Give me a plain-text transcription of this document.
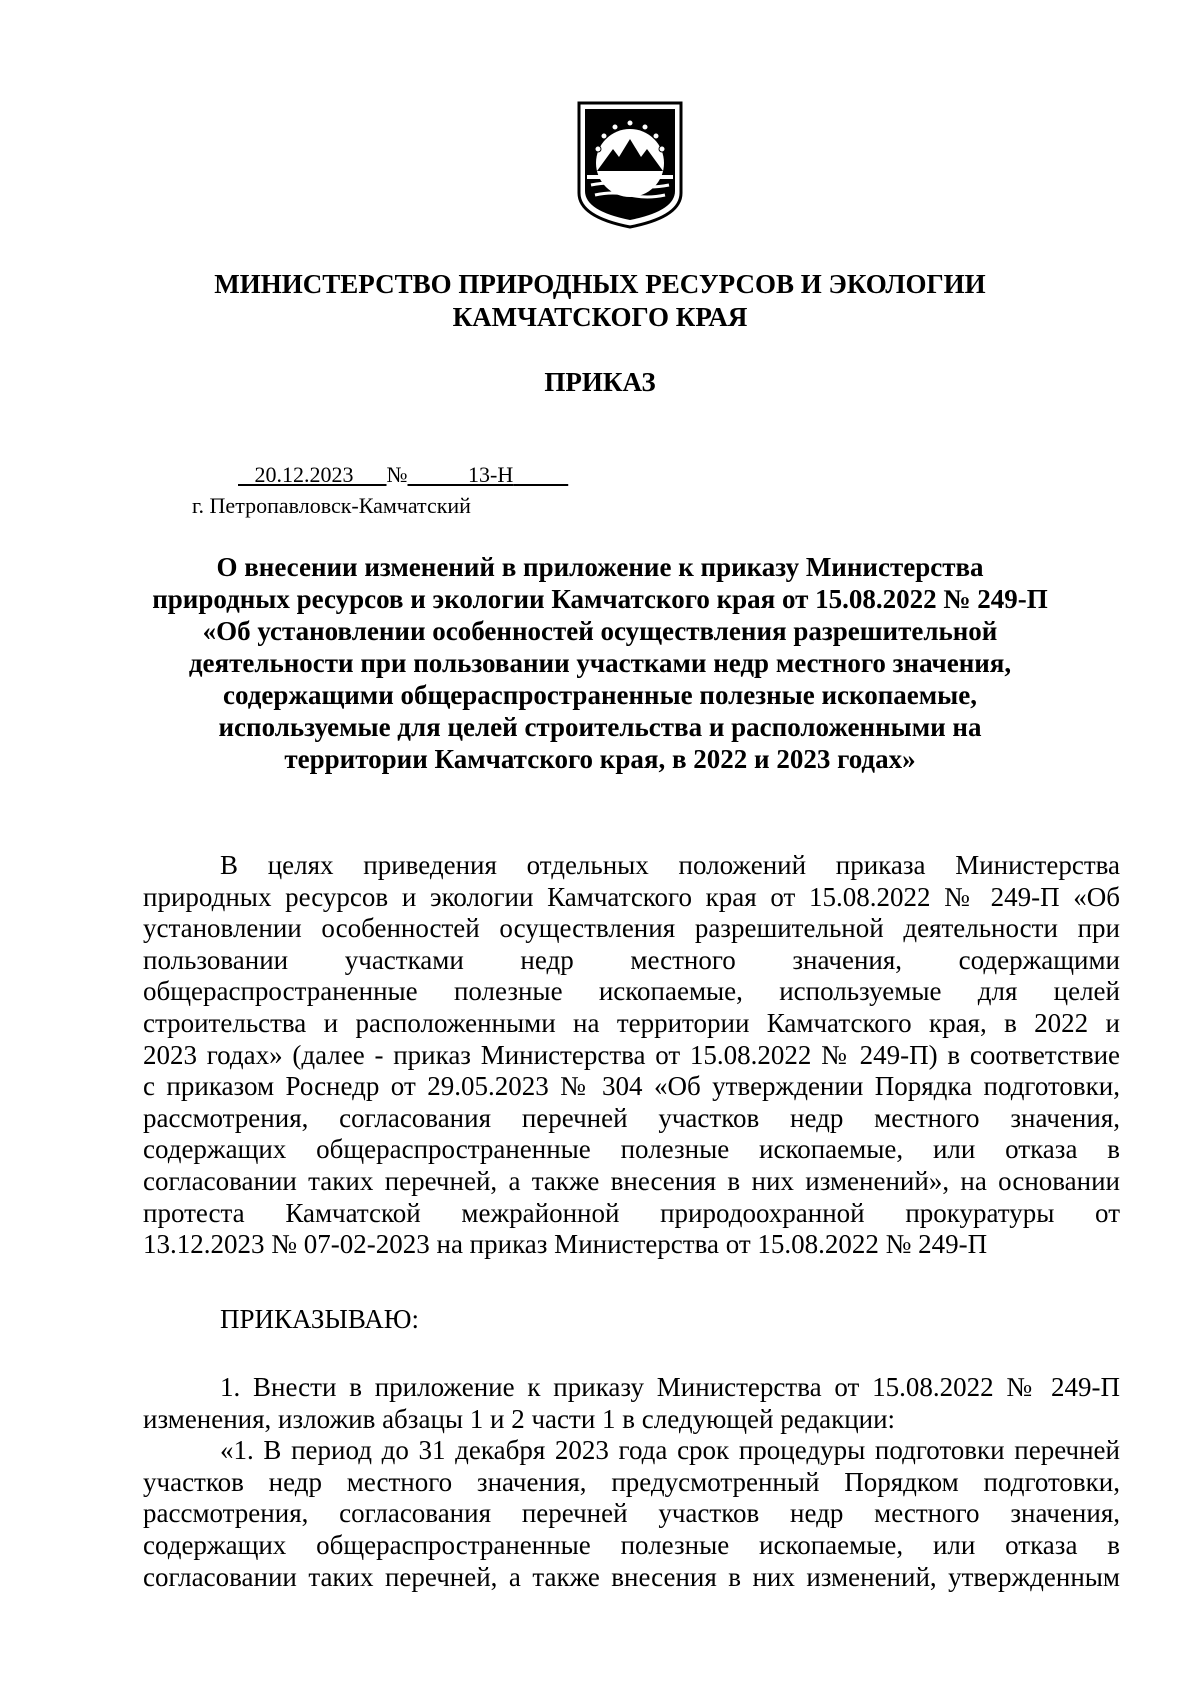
МИНИСТЕРСТВО ПРИРОДНЫХ РЕСУРСОВ И ЭКОЛОГИИ
КАМЧАТСКОГО КРАЯ
ПРИКАЗ
20.12.2023 №	13-Н
г. Петропавловск-Камчатский
О внесении изменений в приложение к приказу Министерства
природных ресурсов и экологии Камчатского края от 15.08.2022 № 249-П
«Об установлении особенностей осуществления разрешительной
деятельности при пользовании участками недр местного значения,
содержащими общераспространенные полезные ископаемые,
используемые для целей строительства и расположенными на
территории Камчатского края, в 2022 и 2023 годах»
В целях приведения отдельных положений приказа Министерства
природных ресурсов и экологии Камчатского края от 15.08.2022 № 249-П «Об
установлении особенностей осуществления разрешительной деятельности при
пользовании участками недр местного значения, содержащими
общераспространенные полезные ископаемые, используемые для целей
строительства и расположенными на территории Камчатского края, в 2022 и
2023 годах» (далее - приказ Министерства от 15.08.2022 № 249-П) в соответствие
с приказом Роснедр от 29.05.2023 № 304 «Об утверждении Порядка подготовки,
рассмотрения, согласования перечней участков недр местного значения,
содержащих общераспространенные полезные ископаемые, или отказа в
согласовании таких перечней, а также внесения в них изменений», на основании
протеста Камчатской межрайонной природоохранной прокуратуры от
13.12.2023 № 07-02-2023 на приказ Министерства от 15.08.2022 № 249-П
ПРИКАЗЫВАЮ:
1. Внести в приложение к приказу Министерства от 15.08.2022 № 249-П
изменения, изложив абзацы 1 и 2 части 1 в следующей редакции:
«1. В период до 31 декабря 2023 года срок процедуры подготовки перечней
участков недр местного значения, предусмотренный Порядком подготовки,
рассмотрения, согласования перечней участков недр местного значения,
содержащих общераспространенные полезные ископаемые, или отказа в
согласовании таких перечней, а также внесения в них изменений, утвержденным
